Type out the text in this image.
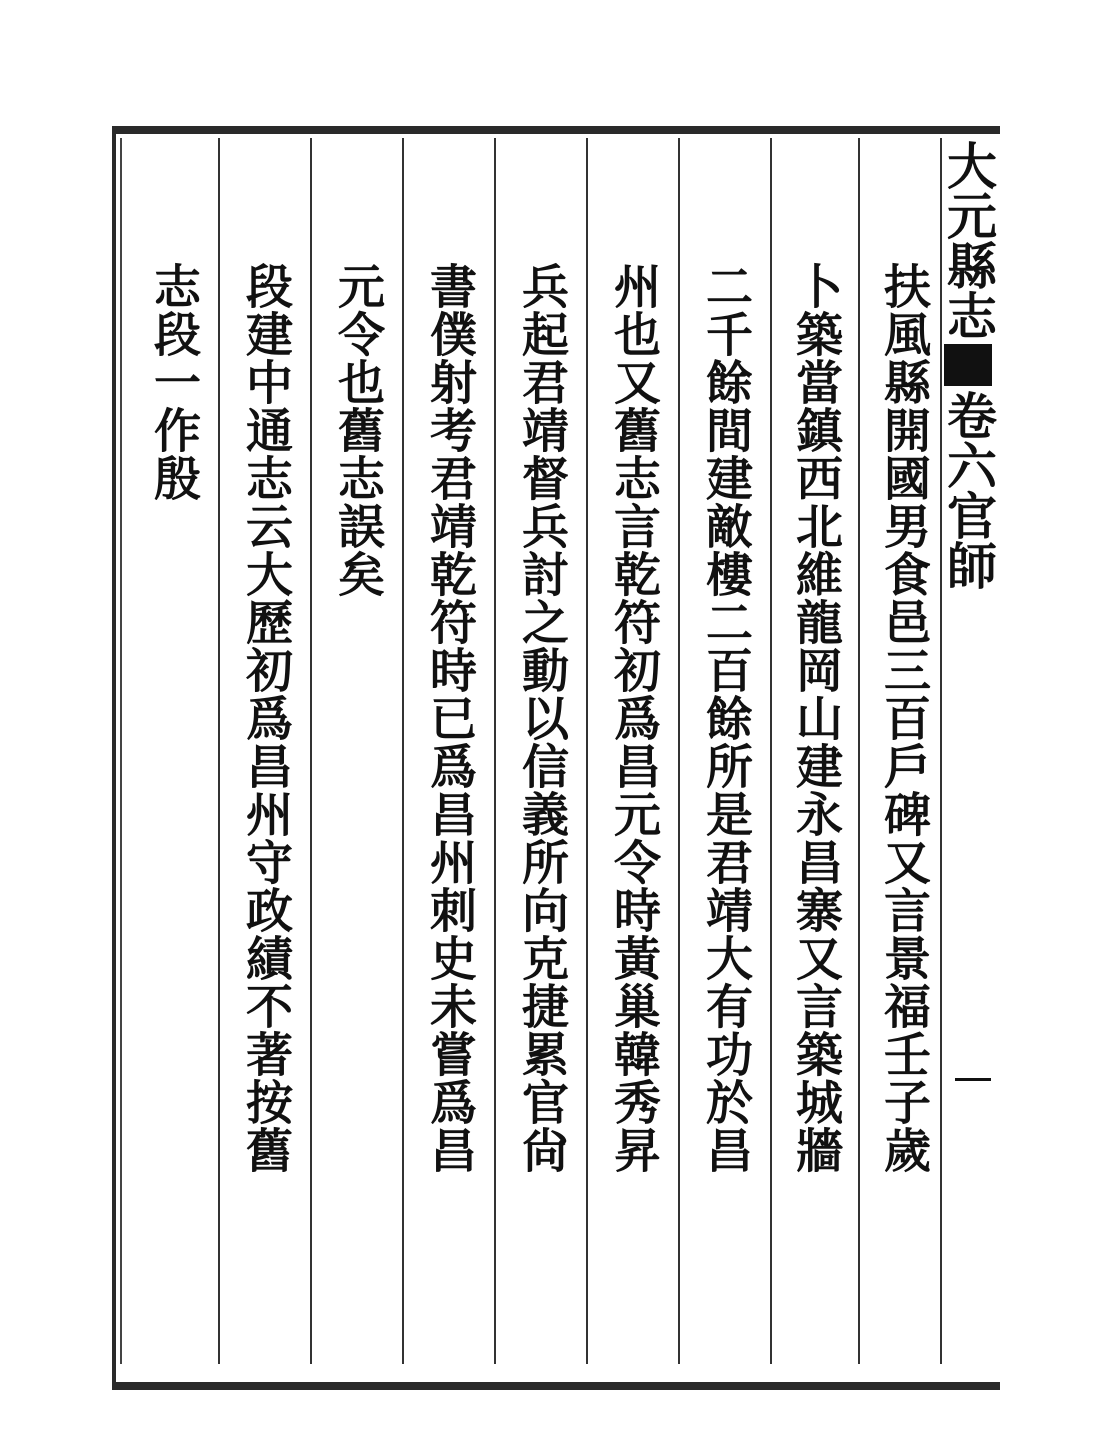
大元縣志卷六官師
扶風縣開國男食邑三百戶碑又言景福壬子歲
卜築當鎮西北維龍岡山建永昌寨又言築城牆
二千餘間建敵樓二百餘所是君靖大有功於昌
州也又舊志言乾符初爲昌元令時黃巢韓秀昇
兵起君靖督兵討之動以信義所向克捷累官尙
書僕射考君靖乾符時已爲昌州刺史未嘗爲昌
元令也舊志誤矣
段建中通志云大歷初爲昌州守政績不著按舊
志段一作殷
